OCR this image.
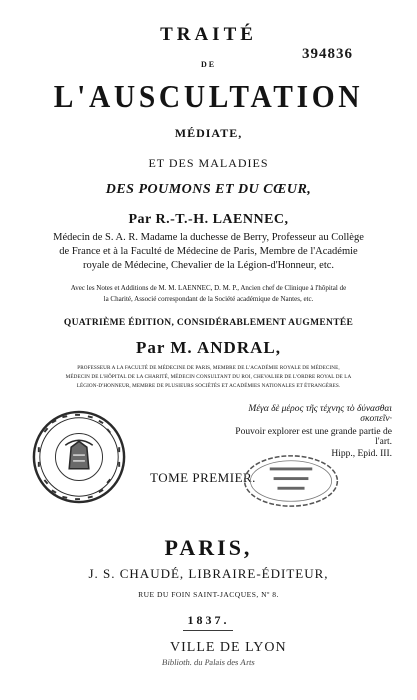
394836
TRAITÉ
DE
L'AUSCULTATION
MÉDIATE,
ET DES MALADIES
DES POUMONS ET DU CŒUR,
Par R.-T.-H. LAENNEC,
Médecin de S. A. R. Madame la duchesse de Berry, Professeur au Collège
de France et à la Faculté de Médecine de Paris, Membre de l'Académie
royale de Médecine, Chevalier de la Légion-d'Honneur, etc.
Avec les Notes et Additions de M. M. LAENNEC, D. M. P., Ancien chef de Clinique à l'hôpital de
la Charité, Associé correspondant de la Société académique de Nantes, etc.
QUATRIÈME ÉDITION, CONSIDÉRABLEMENT AUGMENTÉE
Par M. ANDRAL,
PROFESSEUR A LA FACULTÉ DE MÉDECINE DE PARIS, MEMBRE DE L'ACADÉMIE ROYALE DE MÉDECINE,
MÉDECIN DE L'HÔPITAL DE LA CHARITÉ, MÉDECIN CONSULTANT DU ROI, CHEVALIER DE L'ORDRE ROYAL DE LA
LÉGION-D'HONNEUR, MEMBRE DE PLUSIEURS SOCIÉTÉS ET ACADÉMIES NATIONALES ET ÉTRANGÈRES.
Μέγα δὲ μέρος τῆς τέχνης τὸ δύνασθαι σκοπεῖν·
Pouvoir explorer est une grande partie de l'art.
Hipp., Epid. III.
TOME PREMIER.
PARIS,
J. S. CHAUDÉ, LIBRAIRE-ÉDITEUR,
RUE DU FOIN SAINT-JACQUES, Nº 8.
1837.
VILLE DE LYON
Biblioth. du Palais des Arts
